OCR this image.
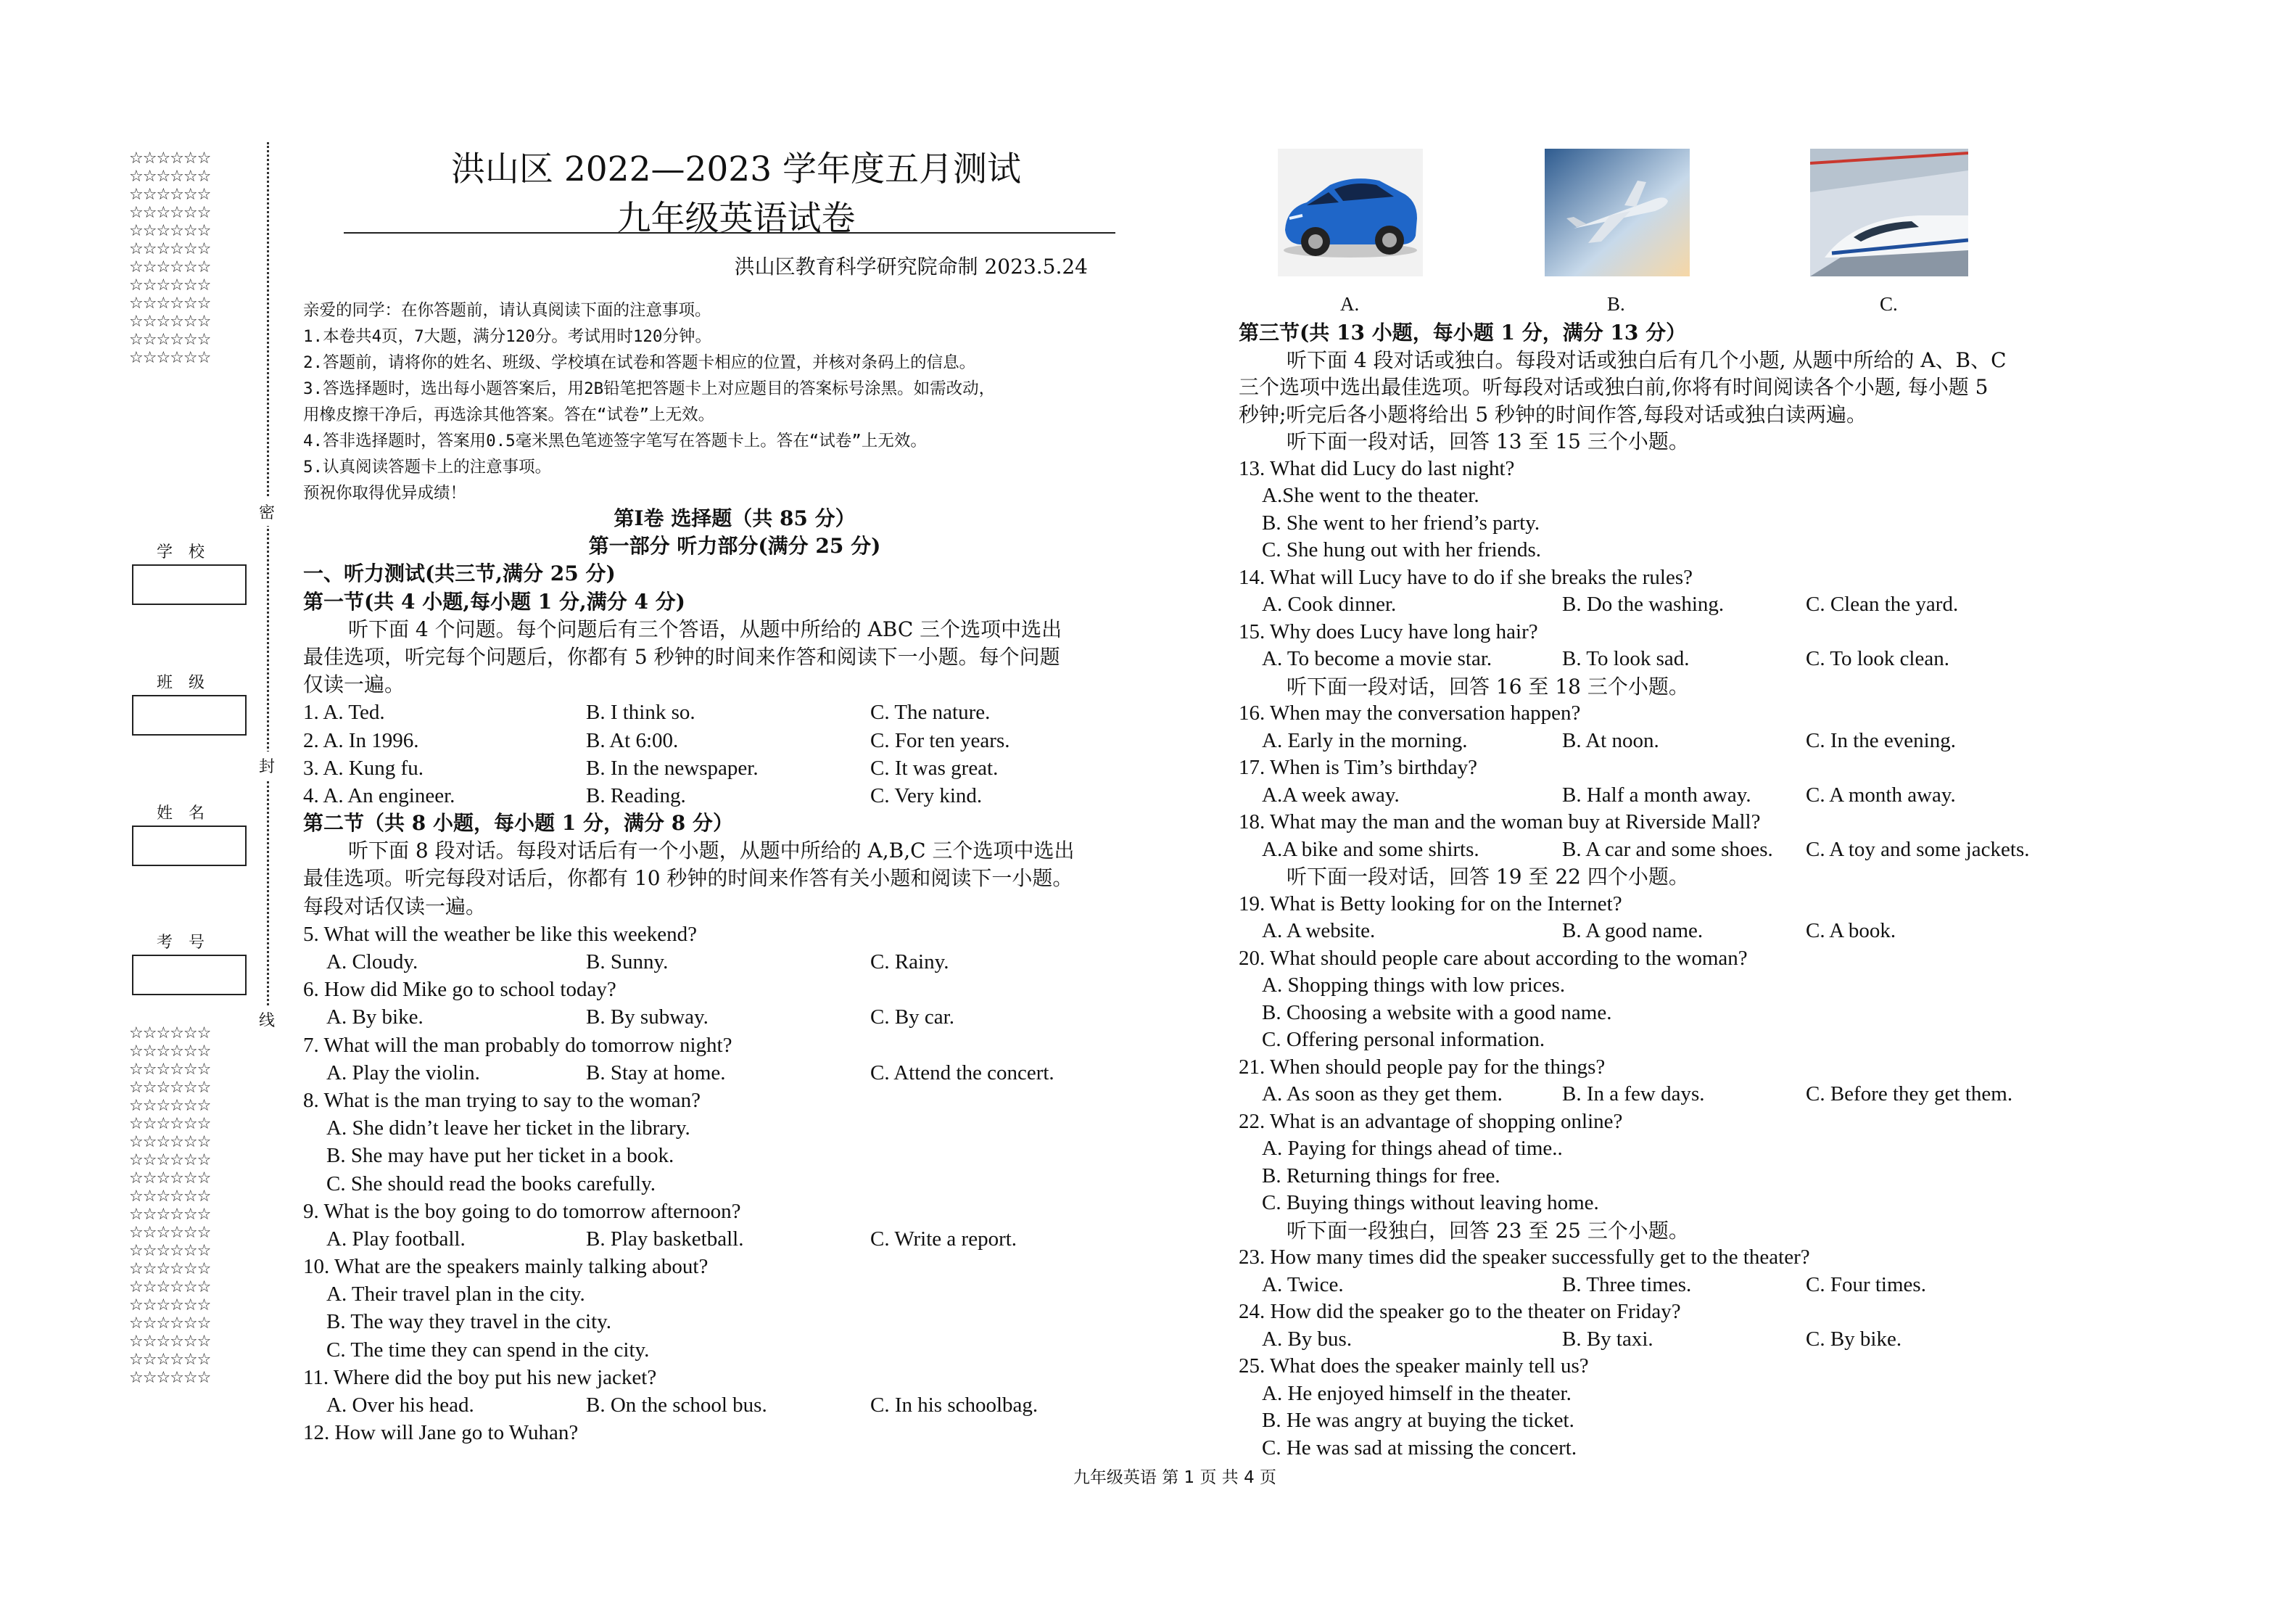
☆☆☆☆☆☆
☆☆☆☆☆☆
☆☆☆☆☆☆
☆☆☆☆☆☆
☆☆☆☆☆☆
☆☆☆☆☆☆
☆☆☆☆☆☆
☆☆☆☆☆☆
☆☆☆☆☆☆
☆☆☆☆☆☆
☆☆☆☆☆☆
☆☆☆☆☆☆
☆☆☆☆☆☆
☆☆☆☆☆☆
☆☆☆☆☆☆
☆☆☆☆☆☆
☆☆☆☆☆☆
☆☆☆☆☆☆
☆☆☆☆☆☆
☆☆☆☆☆☆
☆☆☆☆☆☆
☆☆☆☆☆☆
☆☆☆☆☆☆
☆☆☆☆☆☆
☆☆☆☆☆☆
☆☆☆☆☆☆
☆☆☆☆☆☆
☆☆☆☆☆☆
☆☆☆☆☆☆
☆☆☆☆☆☆
☆☆☆☆☆☆
☆☆☆☆☆☆
密
封
线
学校
班级
姓名
考号
洪山区 2022—2023 学年度五月测试
九年级英语试卷
洪山区教育科学研究院命制 2023.5.24
亲爱的同学：在你答题前，请认真阅读下面的注意事项。
1.本卷共4页，7大题，满分120分。考试用时120分钟。
2.答题前，请将你的姓名、班级、学校填在试卷和答题卡相应的位置，并核对条码上的信息。
3.答选择题时，选出每小题答案后，用2B铅笔把答题卡上对应题目的答案标号涂黑。如需改动，
用橡皮擦干净后，再选涂其他答案。答在“试卷”上无效。
4.答非选择题时，答案用0.5毫米黑色笔迹签字笔写在答题卡上。答在“试卷”上无效。
5.认真阅读答题卡上的注意事项。
预祝你取得优异成绩！
第Ⅰ卷 选择题（共 85 分）
第一部分 听力部分(满分 25 分)
一、听力测试(共三节,满分 25 分)
第一节(共 4 小题,每小题 1 分,满分 4 分)
听下面 4 个问题。每个问题后有三个答语，从题中所给的 ABC 三个选项中选出
最佳选项，听完每个问题后，你都有 5 秒钟的时间来作答和阅读下一小题。每个问题
仅读一遍。
1. A. Ted.	B. I think so.	C. The nature.
2. A. In 1996.	B. At 6:00.	C. For ten years.
3. A. Kung fu.	B. In the newspaper.	C. It was great.
4. A. An engineer.	B. Reading.	C. Very kind.
第二节（共 8 小题，每小题 1 分，满分 8 分）
听下面 8 段对话。每段对话后有一个小题，从题中所给的 A,B,C 三个选项中选出
最佳选项。听完每段对话后，你都有 10 秒钟的时间来作答有关小题和阅读下一小题。
每段对话仅读一遍。
5. What will the weather be like this weekend?
A. Cloudy.	B. Sunny.	C. Rainy.
6. How did Mike go to school today?
A. By bike.	B. By subway.	C. By car.
7. What will the man probably do tomorrow night?
A. Play the violin.	B. Stay at home.	C. Attend the concert.
8. What is the man trying to say to the woman?
A. She didn’t leave her ticket in the library.
B. She may have put her ticket in a book.
C. She should read the books carefully.
9. What is the boy going to do tomorrow afternoon?
A. Play football.	B. Play basketball.	C. Write a report.
10. What are the speakers mainly talking about?
A. Their travel plan in the city.
B. The way they travel in the city.
C. The time they can spend in the city.
11. Where did the boy put his new jacket?
A. Over his head.	B. On the school bus.	C. In his schoolbag.
12. How will Jane go to Wuhan?
A.	B.	C.
第三节(共 13 小题，每小题 1 分，满分 13 分）
听下面 4 段对话或独白。每段对话或独白后有几个小题, 从题中所给的 A、B、C
三个选项中选出最佳选项。听每段对话或独白前,你将有时间阅读各个小题, 每小题 5
秒钟;听完后各小题将给出 5 秒钟的时间作答,每段对话或独白读两遍。
听下面一段对话，回答 13 至 15 三个小题。
13. What did Lucy do last night?
A.She went to the theater.
B. She went to her friend’s party.
C. She hung out with her friends.
14. What will Lucy have to do if she breaks the rules?
A. Cook dinner.	B. Do the washing.	C. Clean the yard.
15. Why does Lucy have long hair?
A. To become a movie star.	B. To look sad.	C. To look clean.
听下面一段对话，回答 16 至 18 三个小题。
16. When may the conversation happen?
A. Early in the morning.	B. At noon.	C. In the evening.
17. When is Tim’s birthday?
A.A week away.	B. Half a month away.	C. A month away.
18. What may the man and the woman buy at Riverside Mall?
A.A bike and some shirts.	B. A car and some shoes. C. A toy and some jackets.
听下面一段对话，回答 19 至 22 四个小题。
19. What is Betty looking for on the Internet?
A. A website.	B. A good name.	C. A book.
20. What should people care about according to the woman?
A. Shopping things with low prices.
B. Choosing a website with a good name.
C. Offering personal information.
21. When should people pay for the things?
A. As soon as they get them.	B. In a few days.	C. Before they get them.
22. What is an advantage of shopping online?
A. Paying for things ahead of time..
B. Returning things for free.
C. Buying things without leaving home.
听下面一段独白，回答 23 至 25 三个小题。
23. How many times did the speaker successfully get to the theater?
A. Twice.	B. Three times.	C. Four times.
24. How did the speaker go to the theater on Friday?
A. By bus.	B. By taxi.	C. By bike.
25. What does the speaker mainly tell us?
A. He enjoyed himself in the theater.
B. He was angry at buying the ticket.
C. He was sad at missing the concert.
九年级英语 第 1 页 共 4 页
